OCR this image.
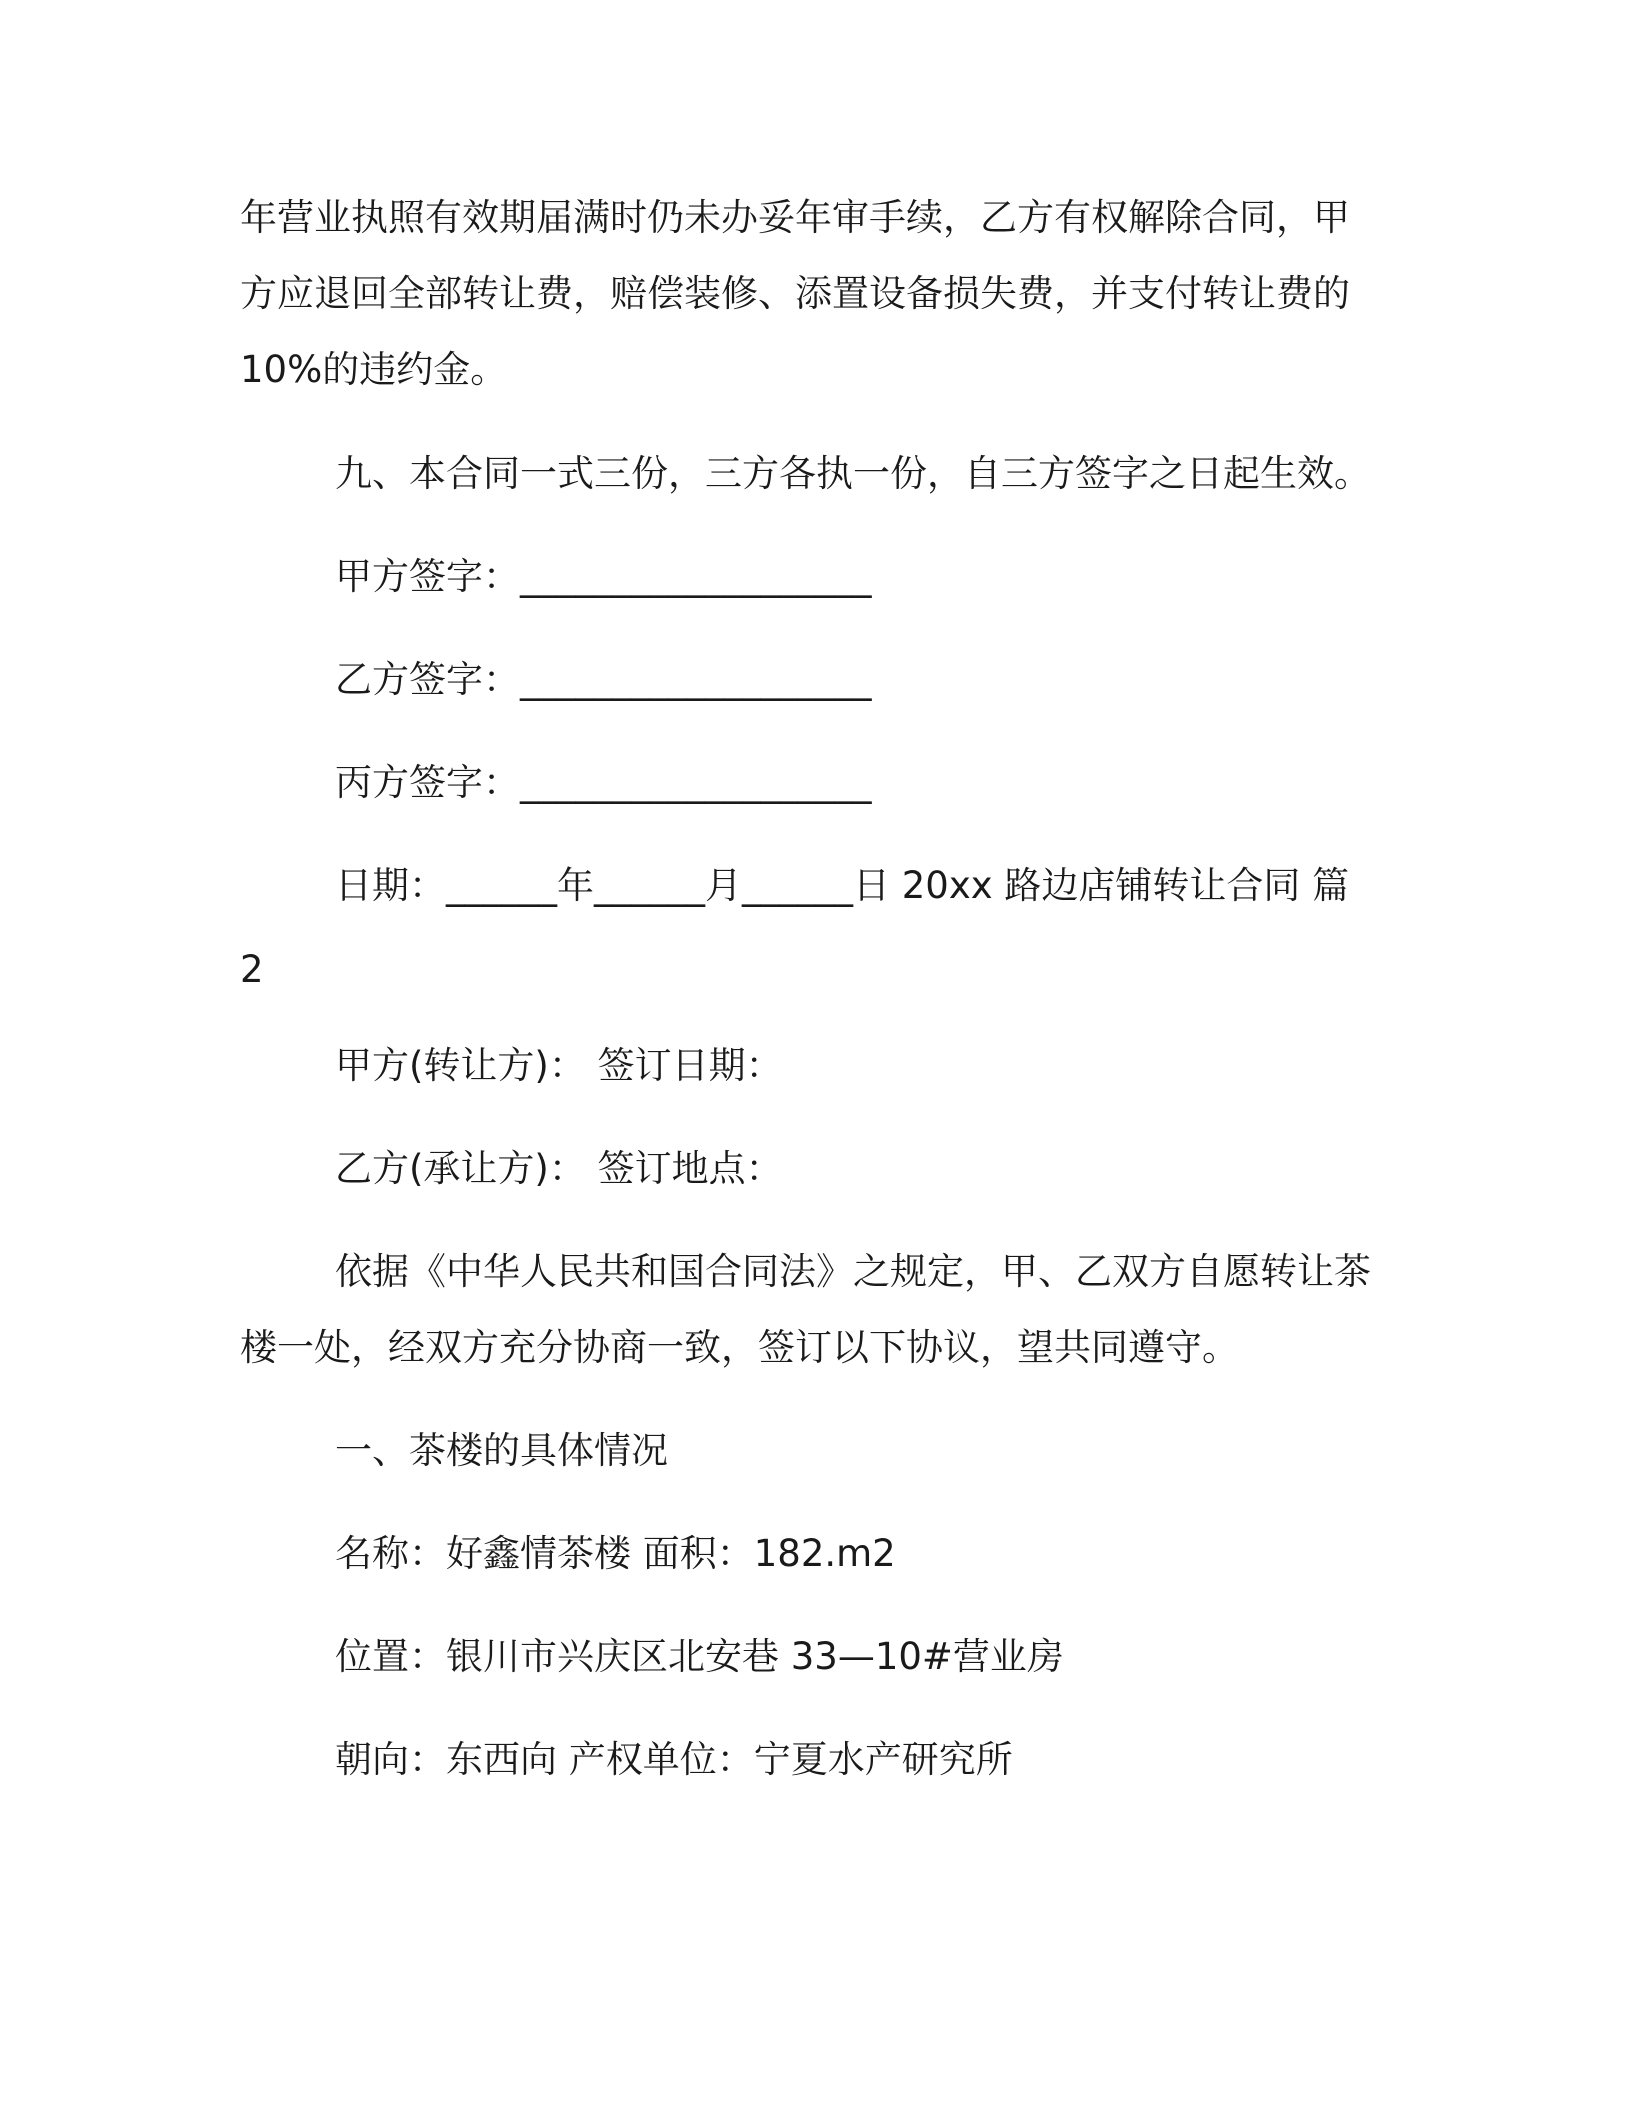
年营业执照有效期届满时仍未办妥年审手续，乙方有权解除合同，甲

方应退回全部转让费，赔偿装修、添置设备损失费，并支付转让费的

10%的违约金。

九、本合同一式三份，三方各执一份，自三方签字之日起生效。

甲方签字：___________________

乙方签字：___________________

丙方签字：___________________

日期：______年______月______日 20xx 路边店铺转让合同 篇

2

甲方(转让方)： 签订日期：

乙方(承让方)： 签订地点：

依据《中华人民共和国合同法》之规定，甲、乙双方自愿转让茶

楼一处，经双方充分协商一致，签订以下协议，望共同遵守。

一、茶楼的具体情况

名称：好鑫情茶楼 面积：182.m2

位置：银川市兴庆区北安巷 33—10#营业房

朝向：东西向 产权单位：宁夏水产研究所
